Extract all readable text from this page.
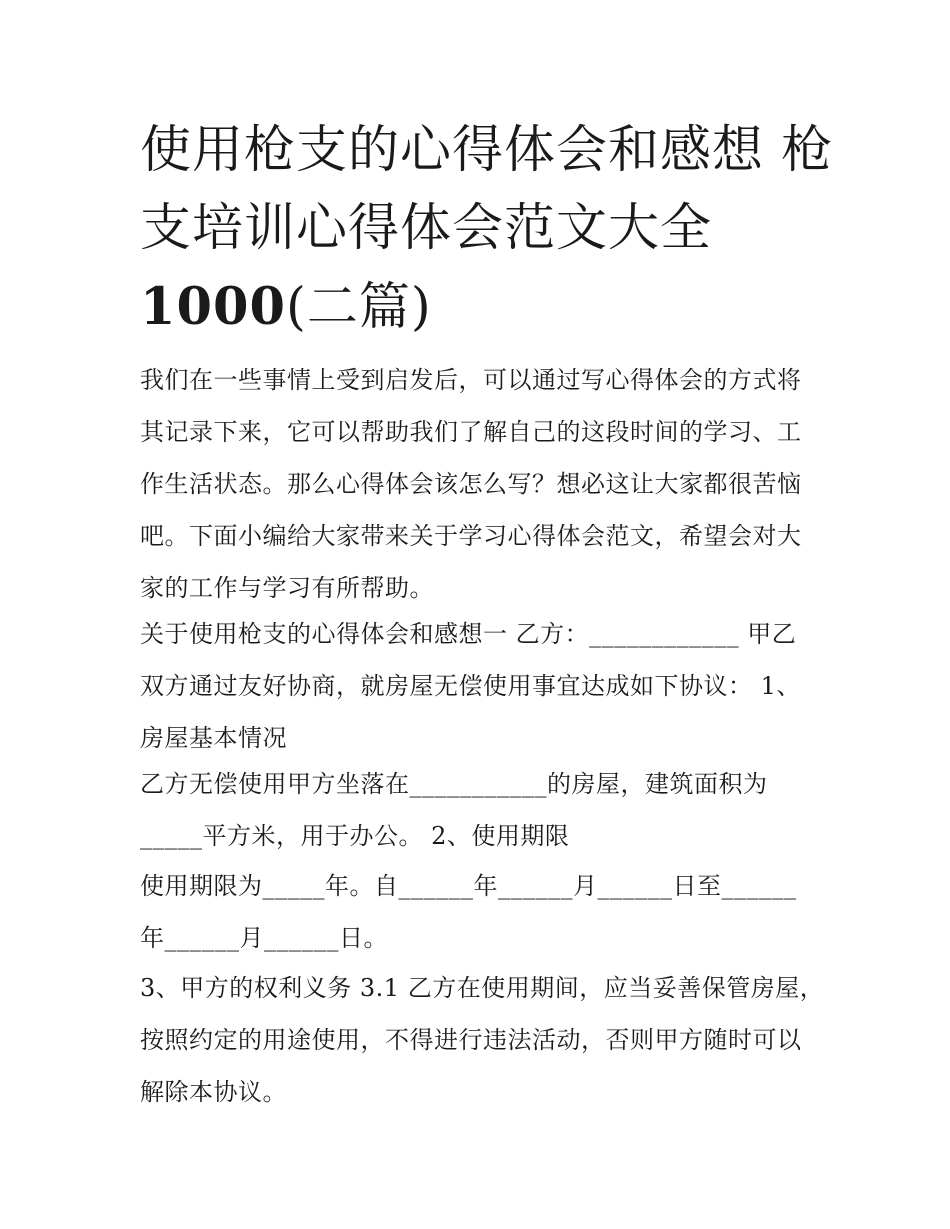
使用枪支的心得体会和感想 枪
支培训心得体会范文大全
1000(二篇)

我们在一些事情上受到启发后，可以通过写心得体会的方式将
其记录下来，它可以帮助我们了解自己的这段时间的学习、工
作生活状态。那么心得体会该怎么写？想必这让大家都很苦恼
吧。下面小编给大家带来关于学习心得体会范文，希望会对大
家的工作与学习有所帮助。

关于使用枪支的心得体会和感想一 乙方：____________ 甲乙
双方通过友好协商，就房屋无偿使用事宜达成如下协议： 1、
房屋基本情况

乙方无偿使用甲方坐落在___________的房屋，建筑面积为
_____平方米，用于办公。 2、使用期限

使用期限为_____年。自______年______月______日至______
年______月______日。

3、甲方的权利义务 3.1 乙方在使用期间，应当妥善保管房屋，
按照约定的用途使用，不得进行违法活动，否则甲方随时可以
解除本协议。
